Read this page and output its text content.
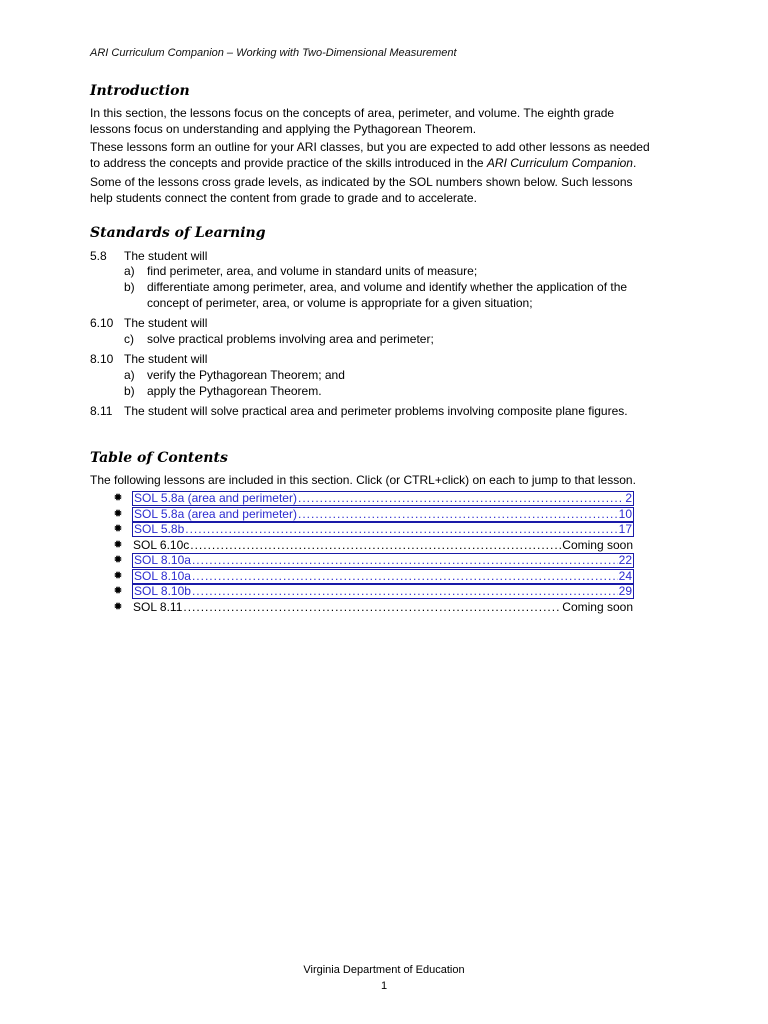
ARI Curriculum Companion – Working with Two-Dimensional Measurement
Introduction

In this section, the lessons focus on the concepts of area, perimeter, and volume. The eighth grade lessons focus on understanding and applying the Pythagorean Theorem.

These lessons form an outline for your ARI classes, but you are expected to add other lessons as needed to address the concepts and provide practice of the skills introduced in the ARI Curriculum Companion.

Some of the lessons cross grade levels, as indicated by the SOL numbers shown below. Such lessons help students connect the content from grade to grade and to accelerate.

Standards of Learning
5.8 The student will
a) find perimeter, area, and volume in standard units of measure;
b) differentiate among perimeter, area, and volume and identify whether the application of the concept of perimeter, area, or volume is appropriate for a given situation;
6.10 The student will
c) solve practical problems involving area and perimeter;
8.10 The student will
a) verify the Pythagorean Theorem; and
b) apply the Pythagorean Theorem.
8.11 The student will solve practical area and perimeter problems involving composite plane figures.
Table of Contents

The following lessons are included in this section. Click (or CTRL+click) on each to jump to that lesson.

✹ SOL 5.8a (area and perimeter) .....	2
✹ SOL 5.8a (area and perimeter) .....	10
✹ SOL 5.8b .....	17
✹ SOL 6.10c .....	Coming soon
✹ SOL 8.10a .....	22
✹ SOL 8.10a .....	24
✹ SOL 8.10b .....	29
✹ SOL 8.11 .....	Coming soon
Virginia Department of Education
1
